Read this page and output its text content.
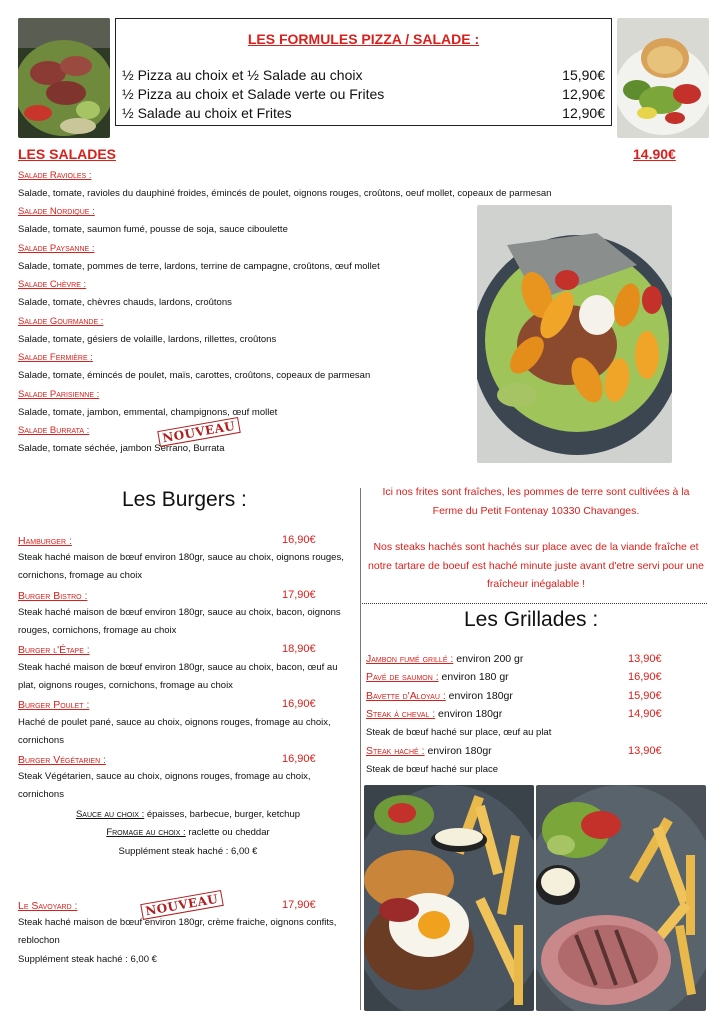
LES FORMULES PIZZA / SALADE :
½ Pizza au choix et ½ Salade au choix	15,90€
½ Pizza au choix et Salade verte ou Frites	12,90€
½ Salade au choix et Frites	12,90€
LES SALADES	14.90€
Salade Ravioles :
Salade, tomate, ravioles du dauphiné froides, émincés de poulet, oignons rouges, croûtons, oeuf mollet, copeaux de parmesan
Salade Nordique :
Salade, tomate, saumon fumé, pousse de soja, sauce ciboulette
Salade Paysanne :
Salade, tomate, pommes de terre, lardons, terrine de campagne, croûtons, œuf mollet
Salade Chèvre :
Salade, tomate, chèvres chauds, lardons, croûtons
Salade Gourmande :
Salade, tomate, gésiers de volaille, lardons, rillettes, croûtons
Salade Fermière :
Salade, tomate, émincés de poulet, maïs, carottes, croûtons, copeaux de parmesan
Salade Parisienne :
Salade, tomate, jambon, emmental, champignons, œuf mollet
Salade Burrata :
Salade, tomate séchée, jambon Serrano, Burrata
NOUVEAU
Les Burgers :
Hamburger :	16,90€
Steak haché maison de bœuf environ 180gr, sauce au choix, oignons rouges, cornichons, fromage au choix
Burger Bistro :	17,90€
Steak haché maison de bœuf environ 180gr, sauce au choix, bacon, oignons rouges, cornichons, fromage au choix
Burger l'Étape :	18,90€
Steak haché maison de bœuf environ 180gr, sauce au choix, bacon, œuf au plat, oignons rouges, cornichons, fromage au choix
Burger Poulet :	16,90€
Haché de poulet pané, sauce au choix, oignons rouges, fromage au choix, cornichons
Burger Végétarien :	16,90€
Steak Végétarien, sauce au choix, oignons rouges, fromage au choix, cornichons
Sauce au choix : épaisses, barbecue, burger, ketchup
Fromage au choix : raclette ou cheddar
Supplément steak haché : 6,00 €
Le Savoyard :	NOUVEAU	17,90€
Steak haché maison de bœuf environ 180gr, crème fraiche, oignons confits, reblochon
Supplément steak haché : 6,00 €
Ici nos frites sont fraîches, les pommes de terre sont cultivées à la Ferme du Petit Fontenay 10330 Chavanges.
Nos steaks hachés sont hachés sur place avec de la viande fraîche et notre tartare de boeuf est haché minute juste avant d'etre servi pour une fraîcheur inégalable !
Les Grillades :
Jambon fumé grillé : environ 200 gr	13,90€
Pavé de saumon : environ 180 gr	16,90€
Bavette d'Aloyau : environ 180gr	15,90€
Steak à cheval : environ 180gr	14,90€
Steak de bœuf haché sur place, œuf au plat
Steak haché : environ 180gr	13,90€
Steak de bœuf haché sur place
